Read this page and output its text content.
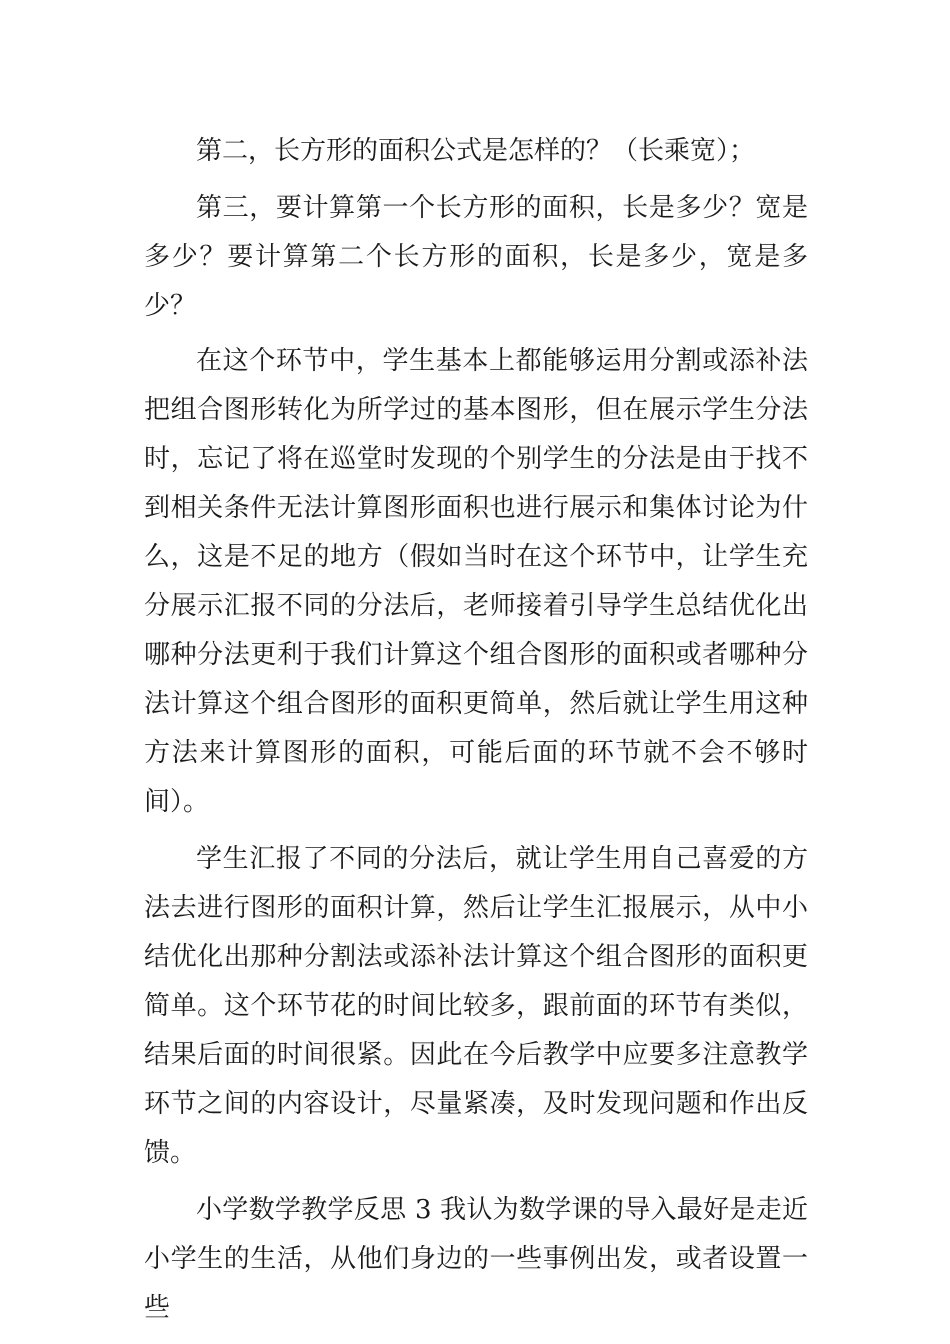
第二，长方形的面积公式是怎样的？（长乘宽）；

第三，要计算第一个长方形的面积，长是多少？宽是多少？要计算第二个长方形的面积，长是多少，宽是多少？

在这个环节中，学生基本上都能够运用分割或添补法把组合图形转化为所学过的基本图形，但在展示学生分法时，忘记了将在巡堂时发现的个别学生的分法是由于找不到相关条件无法计算图形面积也进行展示和集体讨论为什么，这是不足的地方（假如当时在这个环节中，让学生充分展示汇报不同的分法后，老师接着引导学生总结优化出哪种分法更利于我们计算这个组合图形的面积或者哪种分法计算这个组合图形的面积更简单，然后就让学生用这种方法来计算图形的面积，可能后面的环节就不会不够时间）。

学生汇报了不同的分法后，就让学生用自己喜爱的方法去进行图形的面积计算，然后让学生汇报展示，从中小结优化出那种分割法或添补法计算这个组合图形的面积更简单。这个环节花的时间比较多，跟前面的环节有类似，结果后面的时间很紧。因此在今后教学中应要多注意教学环节之间的内容设计，尽量紧凑，及时发现问题和作出反馈。

小学数学教学反思 3 我认为数学课的导入最好是走近小学生的生活，从他们身边的一些事例出发，或者设置一些
